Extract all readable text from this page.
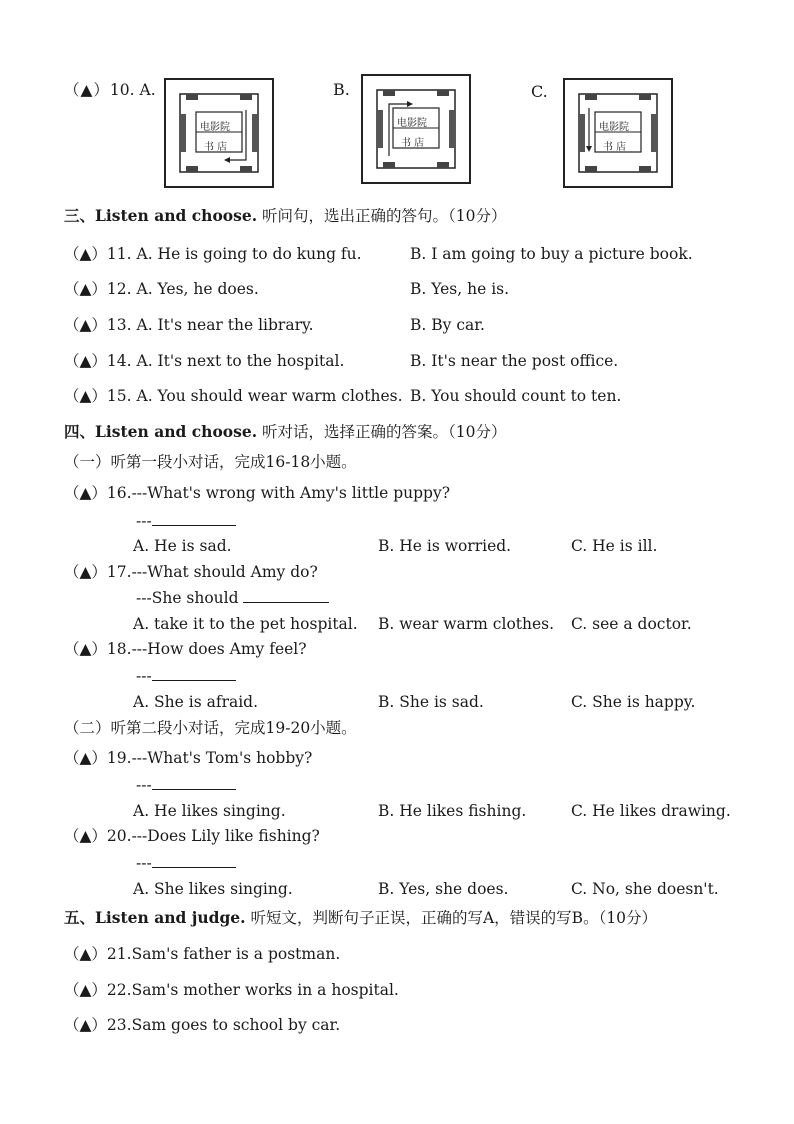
（▲）10. A.	B.	C.
电影院
书 店
电影院
书 店
电影院
书 店
三、Listen and choose. 听问句，选出正确的答句。（10分）
（▲）11. A. He is going to do kung fu.	B. I am going to buy a picture book.
（▲）12. A. Yes, he does.	B. Yes, he is.
（▲）13. A. It's near the library.	B. By car.
（▲）14. A. It's next to the hospital.	B. It's near the post office.
（▲）15. A. You should wear warm clothes. B. You should count to ten.
四、Listen and choose. 听对话，选择正确的答案。（10分）
（一）听第一段小对话，完成16-18小题。
（▲）16.---What's wrong with Amy's little puppy?
---
A. He is sad.	B. He is worried.	C. He is ill.
（▲）17.---What should Amy do?
---She should
A. take it to the pet hospital. B. wear warm clothes. C. see a doctor.
（▲）18.---How does Amy feel?
---
A. She is afraid.	B. She is sad.	C. She is happy.
（二）听第二段小对话，完成19-20小题。
（▲）19.---What's Tom's hobby?
---
A. He likes singing.	B. He likes fishing.	C. He likes drawing.
（▲）20.---Does Lily like fishing?
---
A. She likes singing.	B. Yes, she does.	C. No, she doesn't.
五、Listen and judge. 听短文，判断句子正误，正确的写A，错误的写B。（10分）
（▲）21.Sam's father is a postman.
（▲）22.Sam's mother works in a hospital.
（▲）23.Sam goes to school by car.
